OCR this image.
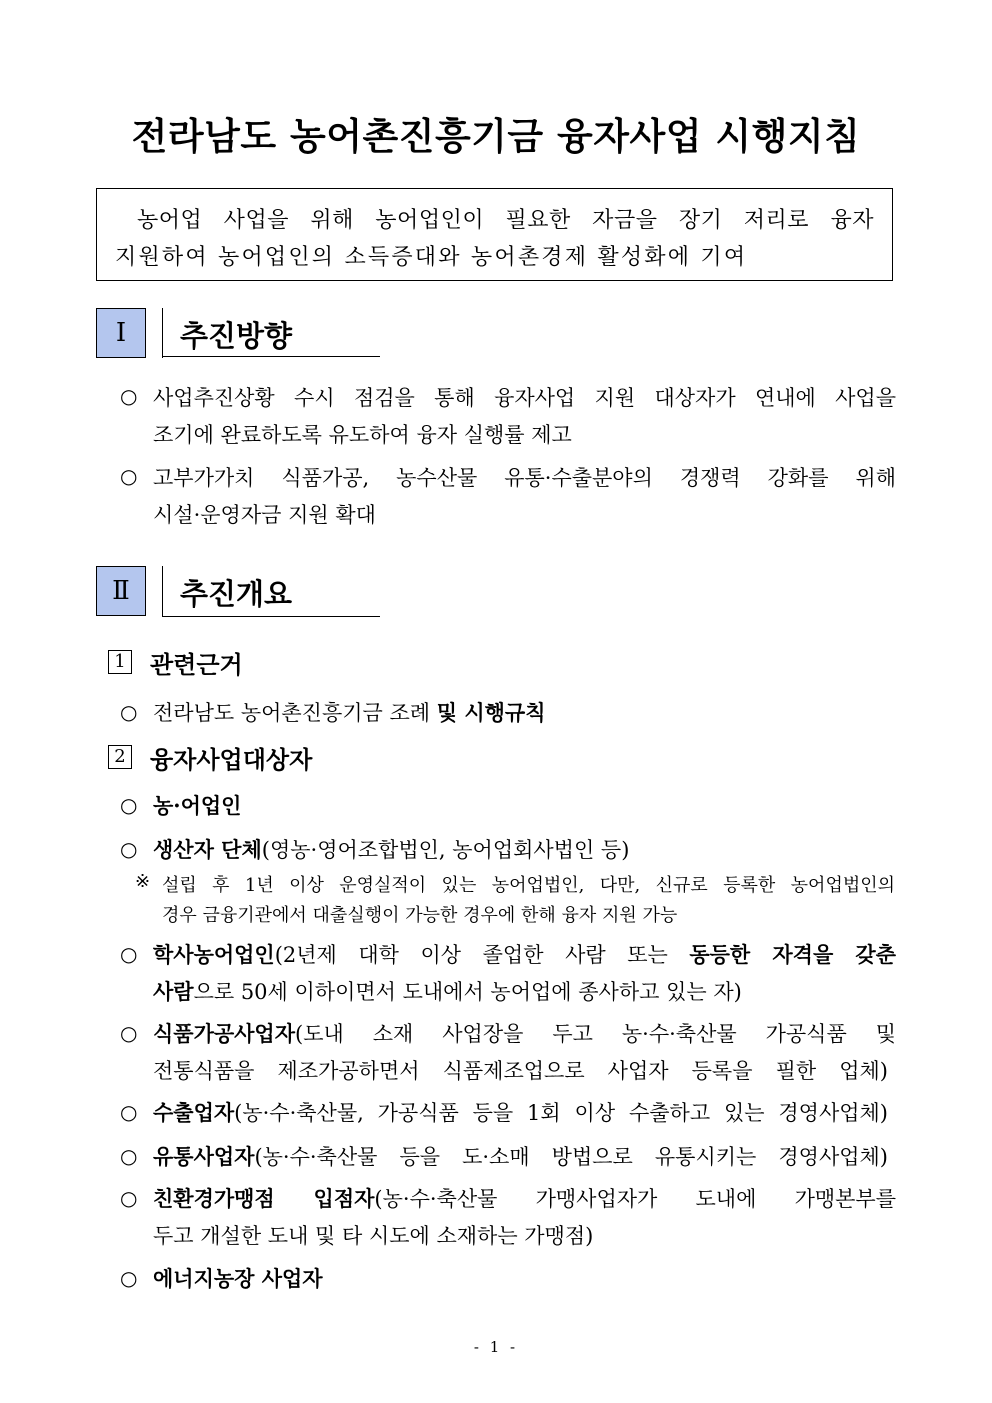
전라남도 농어촌진흥기금 융자사업 시행지침
농어업 사업을 위해 농어업인이 필요한 자금을 장기 저리로 융자
지원하여 농어업인의 소득증대와 농어촌경제 활성화에 기여
Ⅰ	추진방향
○ 사업추진상황 수시 점검을 통해 융자사업 지원 대상자가 연내에 사업을
조기에 완료하도록 유도하여 융자 실행률 제고
○ 고부가가치 식품가공, 농수산물 유통·수출분야의 경쟁력 강화를 위해
시설·운영자금 지원 확대
Ⅱ	추진개요
1 관련근거
○ 전라남도 농어촌진흥기금 조례 및 시행규칙
2 융자사업대상자
○ 농·어업인
○ 생산자 단체(영농·영어조합법인, 농어업회사법인 등)
※ 설립 후 1년 이상 운영실적이 있는 농어업법인, 다만, 신규로 등록한 농어업법인의
경우 금융기관에서 대출실행이 가능한 경우에 한해 융자 지원 가능
○ 학사농어업인(2년제 대학 이상 졸업한 사람 또는 동등한 자격을 갖춘
사람으로 50세 이하이면서 도내에서 농어업에 종사하고 있는 자)
○ 식품가공사업자(도내 소재 사업장을 두고 농·수·축산물 가공식품 및
전통식품을 제조가공하면서 식품제조업으로 사업자 등록을 필한 업체)
○ 수출업자(농·수·축산물, 가공식품 등을 1회 이상 수출하고 있는 경영사업체)
○ 유통사업자(농·수·축산물 등을 도·소매 방법으로 유통시키는 경영사업체)
○ 친환경가맹점 입점자(농·수·축산물 가맹사업자가 도내에 가맹본부를
두고 개설한 도내 및 타 시도에 소재하는 가맹점)
○ 에너지농장 사업자
- 1 -
